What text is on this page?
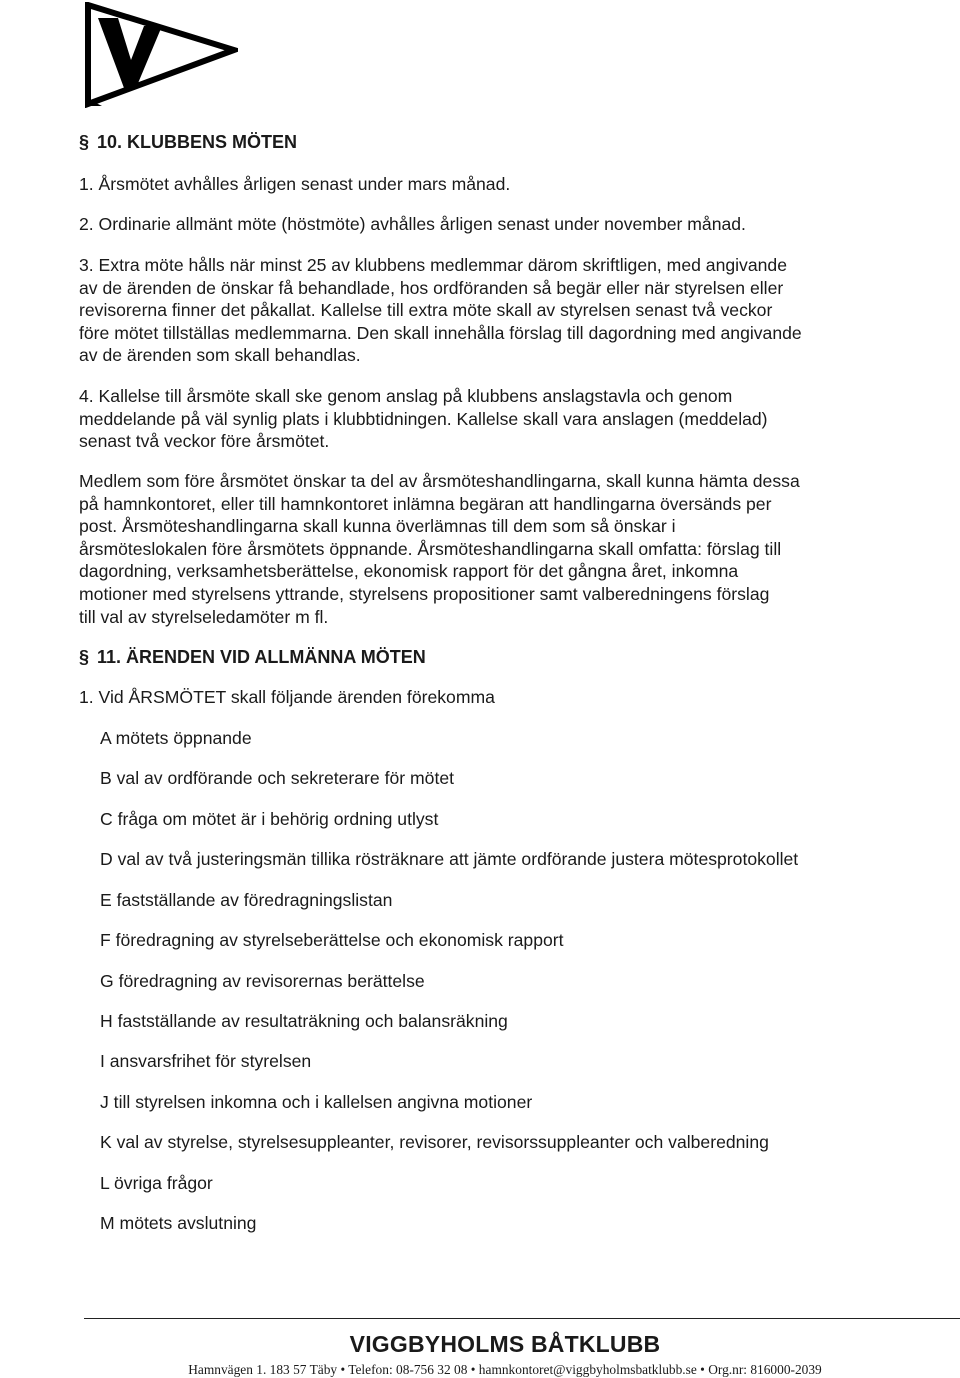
§ 10. KLUBBENS MÖTEN
1. Årsmötet avhålles årligen senast under mars månad.
2. Ordinarie allmänt möte (höstmöte) avhålles årligen senast under november månad.
3. Extra möte hålls när minst 25 av klubbens medlemmar därom skriftligen, med angivande
av de ärenden de önskar få behandlade, hos ordföranden så begär eller när styrelsen eller
revisorerna finner det påkallat. Kallelse till extra möte skall av styrelsen senast två veckor
före mötet tillställas medlemmarna. Den skall innehålla förslag till dagordning med angivande
av de ärenden som skall behandlas.
4. Kallelse till årsmöte skall ske genom anslag på klubbens anslagstavla och genom
meddelande på väl synlig plats i klubbtidningen. Kallelse skall vara anslagen (meddelad)
senast två veckor före årsmötet.
Medlem som före årsmötet önskar ta del av årsmöteshandlingarna, skall kunna hämta dessa
på hamnkontoret, eller till hamnkontoret inlämna begäran att handlingarna översänds per
post. Årsmöteshandlingarna skall kunna överlämnas till dem som så önskar i
årsmöteslokalen före årsmötets öppnande. Årsmöteshandlingarna skall omfatta: förslag till
dagordning, verksamhetsberättelse, ekonomisk rapport för det gångna året, inkomna
motioner med styrelsens yttrande, styrelsens propositioner samt valberedningens förslag
till val av styrelseledamöter m fl.
§ 11. ÄRENDEN VID ALLMÄNNA MÖTEN
1. Vid ÅRSMÖTET skall följande ärenden förekomma
A mötets öppnande
B val av ordförande och sekreterare för mötet
C fråga om mötet är i behörig ordning utlyst
D val av två justeringsmän tillika rösträknare att jämte ordförande justera mötesprotokollet
E fastställande av föredragningslistan
F föredragning av styrelseberättelse och ekonomisk rapport
G föredragning av revisorernas berättelse
H fastställande av resultaträkning och balansräkning
I ansvarsfrihet för styrelsen
J till styrelsen inkomna och i kallelsen angivna motioner
K val av styrelse, styrelsesuppleanter, revisorer, revisorssuppleanter och valberedning
L övriga frågor
M mötets avslutning
VIGGBYHOLMS BÅTKLUBB
Hamnvägen 1. 183 57 Täby • Telefon: 08-756 32 08 • hamnkontoret@viggbyholmsbatklubb.se • Org.nr: 816000-2039
